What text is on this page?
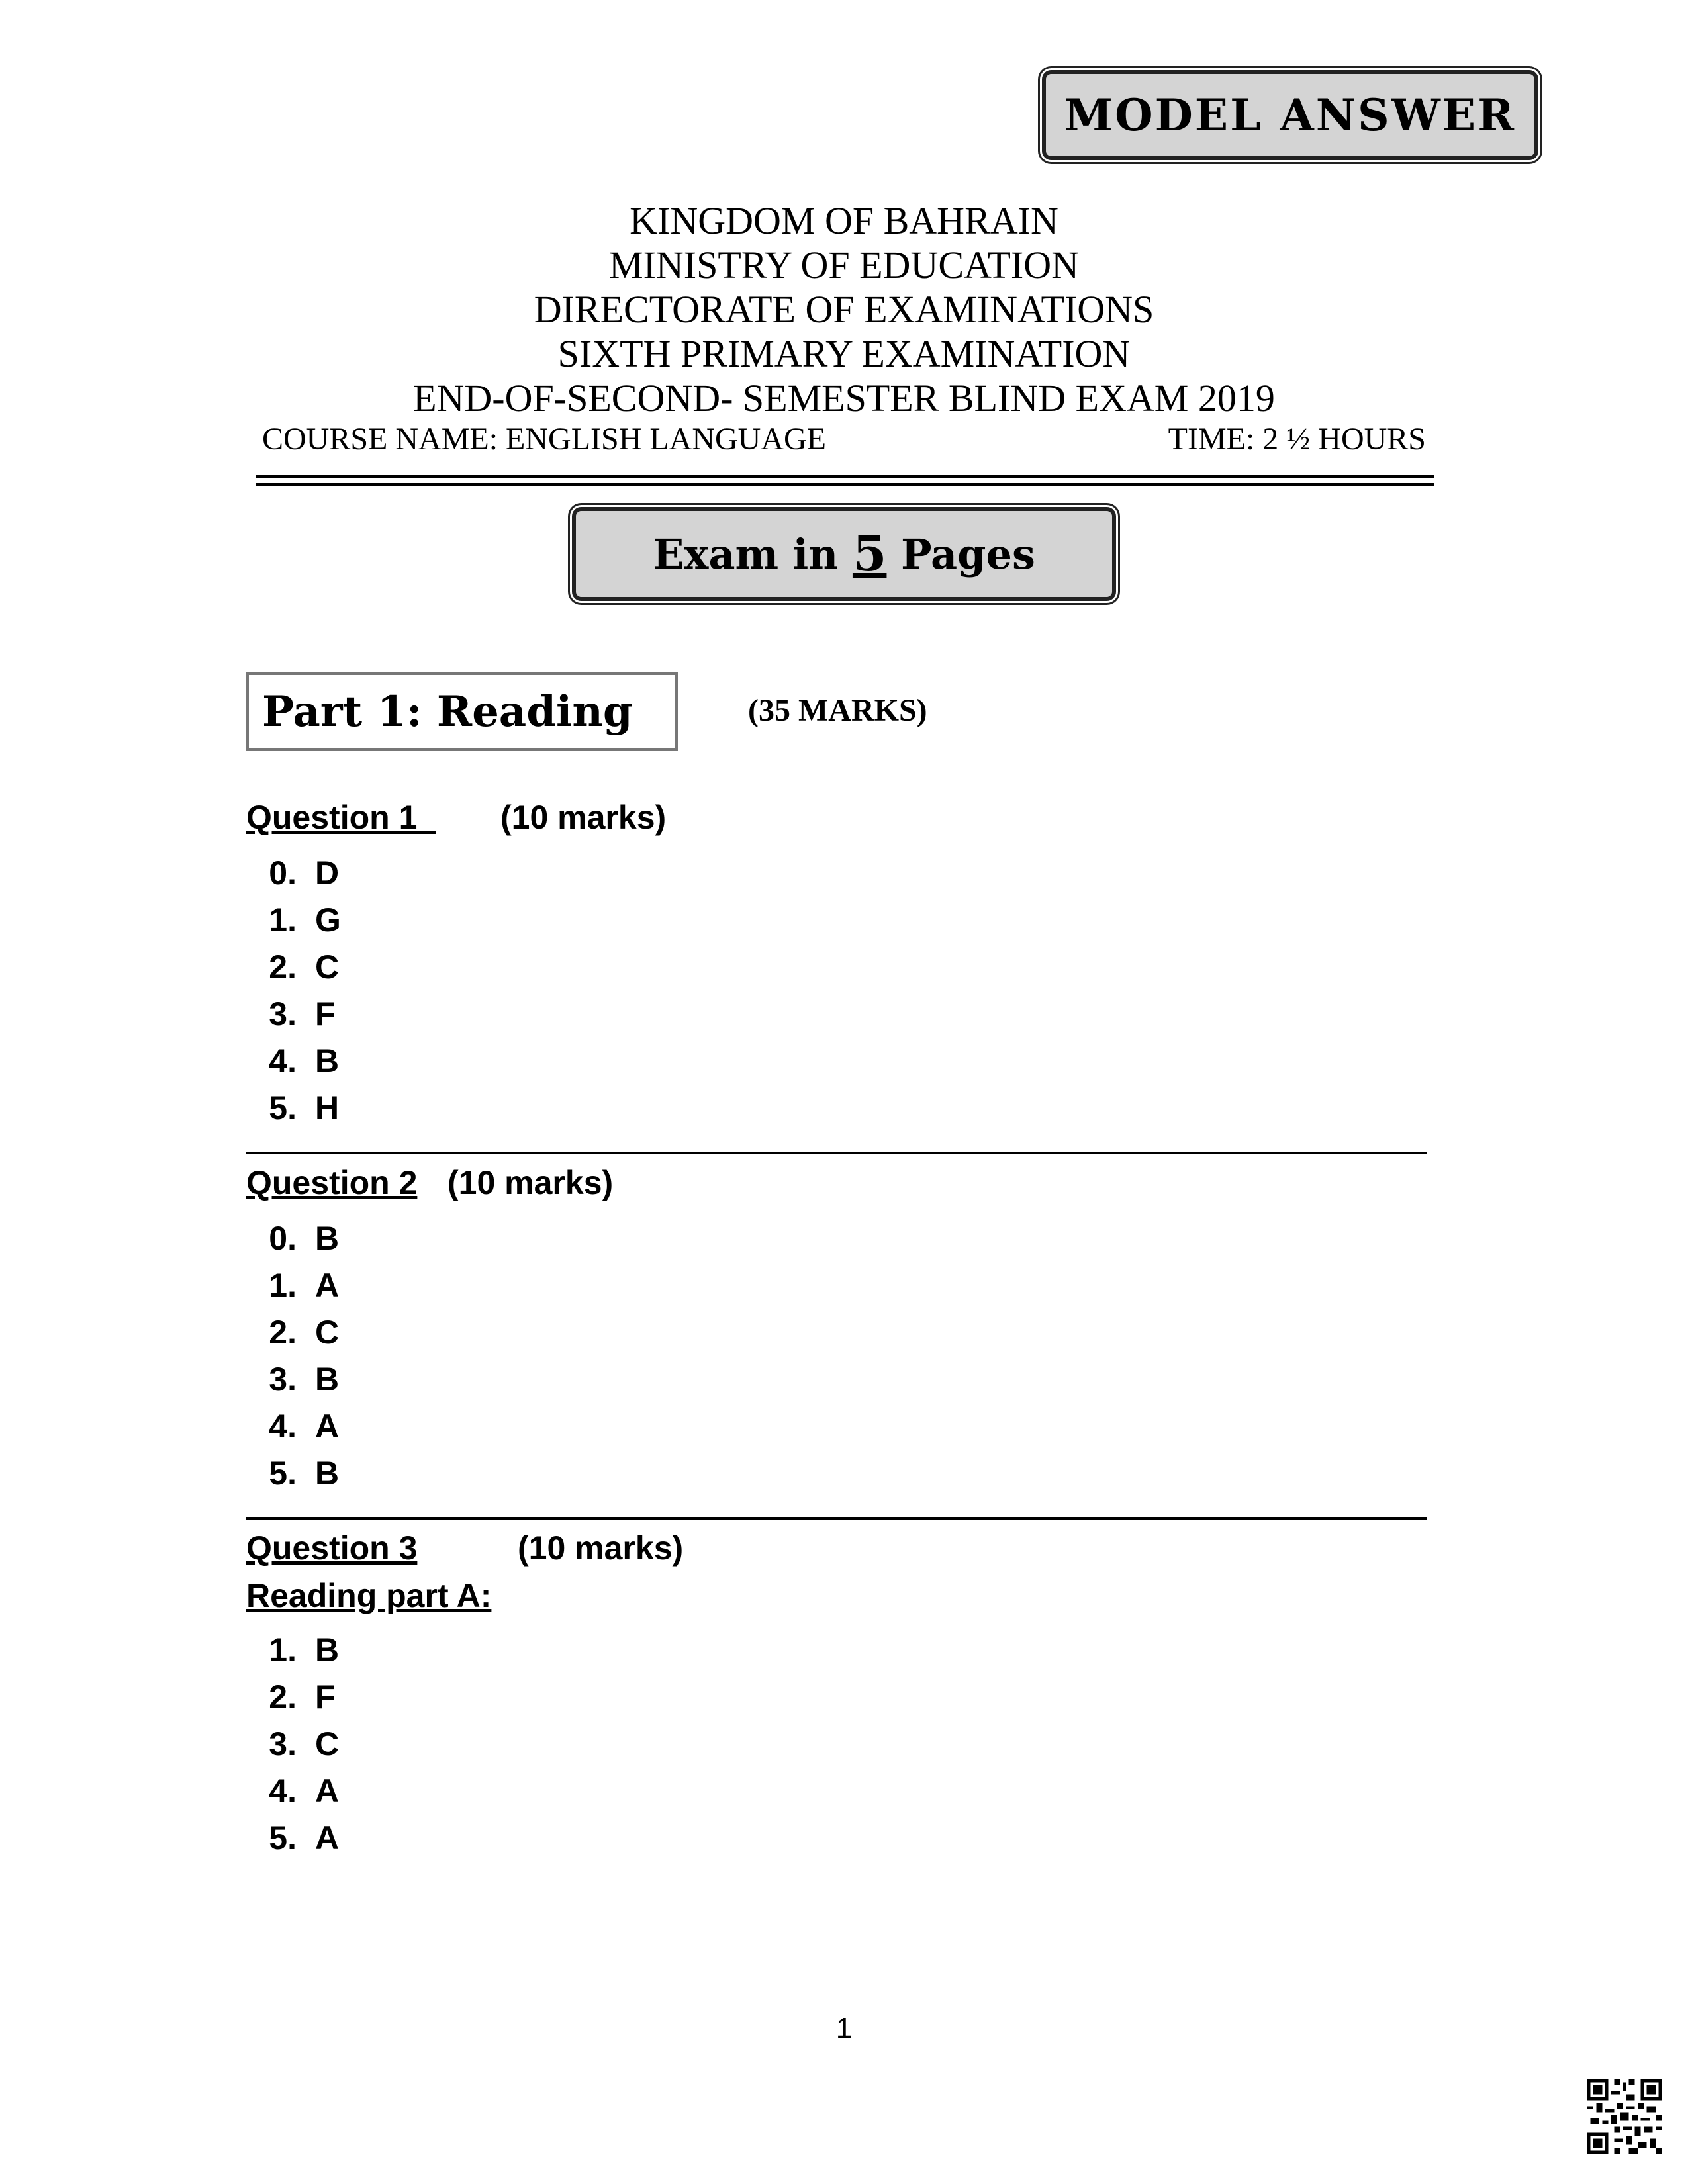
MODEL ANSWER
KINGDOM OF BAHRAIN
MINISTRY OF EDUCATION
DIRECTORATE OF EXAMINATIONS
SIXTH PRIMARY EXAMINATION
END-OF-SECOND- SEMESTER BLIND EXAM 2019
COURSE NAME: ENGLISH LANGUAGE	TIME: 2 ½ HOURS
Exam in 5 Pages
Part 1: Reading	(35 MARKS)
Question 1 (10 marks)
0. D
1. G
2. C
3. F
4. B
5. H
Question 2 (10 marks)
0. B
1. A
2. C
3. B
4. A
5. B
Question 3	(10 marks)
Reading part A:
1. B
2. F
3. C
4. A
5. A
1
